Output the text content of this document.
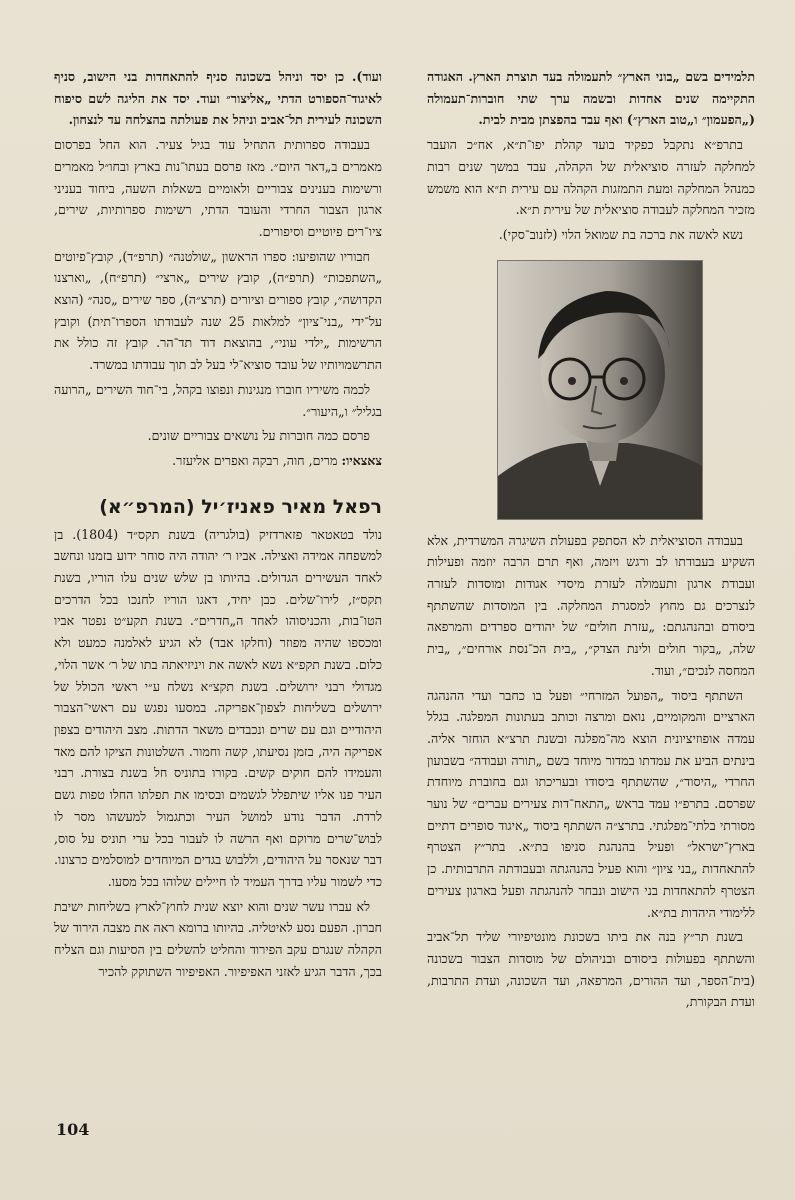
תלמידים בשם „בוני הארץ״ לתעמולה בעד תוצרת הארץ. האגודה התקיימה שנים אחדות ובשמה ערך שתי חוברות־תעמולה („הפעמון״ ו„טוב הארץ״) ואף עבד בהפצתן מבית לבית.

בתרפ״א נתקבל כפקיד בועד קהלת יפו־ת״א, אח״כ הועבר למחלקה לעזרה סוציאלית של הקהלה, עבד במשך שנים רבות כמנהל המחלקה ומעת התמזגות הקהלה עם עירית ת״א הוא משמש מזכיר המחלקה לעבודה סוציאלית של עירית ת״א.

נשא לאשה את ברכה בת שמואל הלוי (לזנוב־סקי).

בעבודה הסוציאלית לא הסתפק בפעולת השיגרה המשרדית, אלא השקיע בעבודתו לב ורגש ויזמה, ואף תרם הרבה יוזמה ופעילות ועבודת ארגון ותעמולה לעזרת מיסדי אגודות ומוסדות לעזרה לנצרכים גם מחוץ למסגרת המחלקה. בין המוסדות שהשתתף ביסודם ובהנהגתם: „עזרת חולים״ של יהודים ספרדים והמרפאה שלה, „בקור חולים ולינת הצדק״, „בית הכ־נסת אורחים״, „בית המחסה לנכים״, ועוד.

השתתף ביסוד „הפועל המזרחי״ ופעל בו כחבר ועדי ההנהגה הארציים והמקומיים, נואם ומרצה וכותב בעתונות המפלגה. בגלל עמדה אופוזיציונית הוצא מה־מפלגה ובשנת תרצ״א הוחזר אליה. בינתים הביע את עמדתו במדור מיוחד בשם „תורה ועבודה״ בשבועון החרדי „היסוד״, שהשתתף ביסודו ובעריכתו וגם בחוברת מיוחדת שפרסם. בתרפ״ו עמד בראש „התאח־דות צעירים עברים״ של נוער מסורתי בלתי־מפלגתי. בתרצ״ה השתתף ביסוד „איגוד סופרים דתיים בארץ־ישראל״ ופעיל בהנהגת סניפו בת״א. בתר״ץ הצטרף להתאחדות „בני ציון״ והוא פעיל בהנהגתה ובעבודתה התרבותית. כן הצטרף להתאחדות בני הישוב ונבחר להנהגתה ופעל בארגון צעירים ללימודי היהדות בת״א.

בשנת תר״ץ בנה את ביתו בשכונת מונטיפיורי שליד תל־אביב והשתתף בפעולות ביסודם ובניהולם של מוסדות הצבור בשכונה (בית־הספר, ועד ההורים, המרפאה, ועד השכונה, ועדת התרבות, ועדת הבקורת,

ועוד). כן יסד וניהל בשכונה סניף להתאחדות בני הישוב, סניף לאיגוד־הספורט הדתי „אליצור״ ועוד. יסד את הליגה לשם סיפוח השכונה לעירית תל־אביב וניהל את פעולתה בהצלחה עד לנצחון.

בעבודה ספרותית התחיל עוד בגיל צעיר. הוא החל בפרסום מאמרים ב„דאר היום״. מאז פרסם בעתו־נות בארץ ובחו״ל מאמרים ורשימות בענינים צבוריים ולאומיים בשאלות השעה, ביחוד בעניני ארגון הצבור החרדי והעובד הדתי, רשימות ספרותיות, שירים, ציו־רים פיוטיים וסיפורים.

חבוריו שהופיעו: ספרו הראשון „שולטנה״ (תרפ״ד), קובץ־פיוטים „השתפכות״ (תרפ״ה), קובץ שירים „ארצי״ (תרפ״ח), „וארצנו הקדושה״, קובץ ספורים וציורים (תרצ״ה), ספר שירים „סנה״ (הוצא על־ידי „בני־ציון״ למלאות 25 שנה לעבודתו הספרו־תית) וקובץ הרשימות „ילדי עוני״, בהוצאת דוד תד־הר. קובץ זה כולל את התרשמויותיו של עובד סוציא־לי בעל לב תוך עבודתו במשרד.

לכמה משיריו חוברו מנגינות ונפוצו בקהל, בי־חוד השירים „הרועה בגליל״ ו„היעור״.

פרסם כמה חוברות על נושאים צבוריים שונים.

צאצאיו: מרים, חוה, רבקה ואפרים אליעזר.

רפאל מאיר פאניז׳יל (המרפ״א)

נולד בטאטאר פזארדזיק (בולגריה) בשנת תקס״ד (1804). בן למשפחה אמידה ואצילה. אביו ר׳ יהודה היה סוחר ידוע בזמנו ונחשב לאחד העשירים הגדולים. בהיותו בן שלש שנים עלו הוריו, בשנת תקס״ז, לירו־שלים. כבן יחיד, דאגו הוריו לחנכו בכל הדרכים הטו־בות, והכניסוהו לאחד ה„חדרים״. בשנת תקע״ט נפטר אביו ומכספו שהיה מפוזר (וחלקו אבד) לא הגיע לאלמנה כמעט ולא כלום. בשנת תקפ״א נשא לאשה את ויניזיאתה בתו של ר׳ אשר הלוי, מגדולי רבני ירושלים. בשנת תקצ״א נשלח ע״י ראשי הכולל של ירושלים בשליחות לצפון־אפריקה. במסעו נפגש עם ראשי־הצבור היהודיים וגם עם שרים ונכבדים משאר הדתות. מצב היהודים בצפון אפריקה היה, בזמן נסיעתו, קשה וחמור. השלטונות הציקו להם מאד והעמידו להם חוקים קשים. בקורו בתוניס חל בשנת בצורת. רבני העיר פנו אליו שיתפלל לגשמים ובסימו את תפלתו החלו טפות גשם לרדת. הדבר נודע למושל העיר וכתגמול למעשהו מסר לו לבוש־שרים מרוקם ואף הרשה לו לעבור בכל ערי תוניס על סוס, דבר שנאסר על היהודים, וללבוש בגדים המיוחדים למוסלמים כרצונו. כדי לשמור עליו בדרך העמיד לו חיילים שלוהו בכל מסעו.

לא עברו עשר שנים והוא יוצא שנית לחוץ־לארץ בשליחות ישיבת חברון. הפעם נסע לאיטליה. בהיותו ברומא ראה את מצבה הירוד של הקהלה שנגרם עקב הפירוד והחליט להשלים בין הסיעות וגם הצליח בכך, הדבר הגיע לאזני האפיפיור. האפיפיור השתוקק להכיר

104
